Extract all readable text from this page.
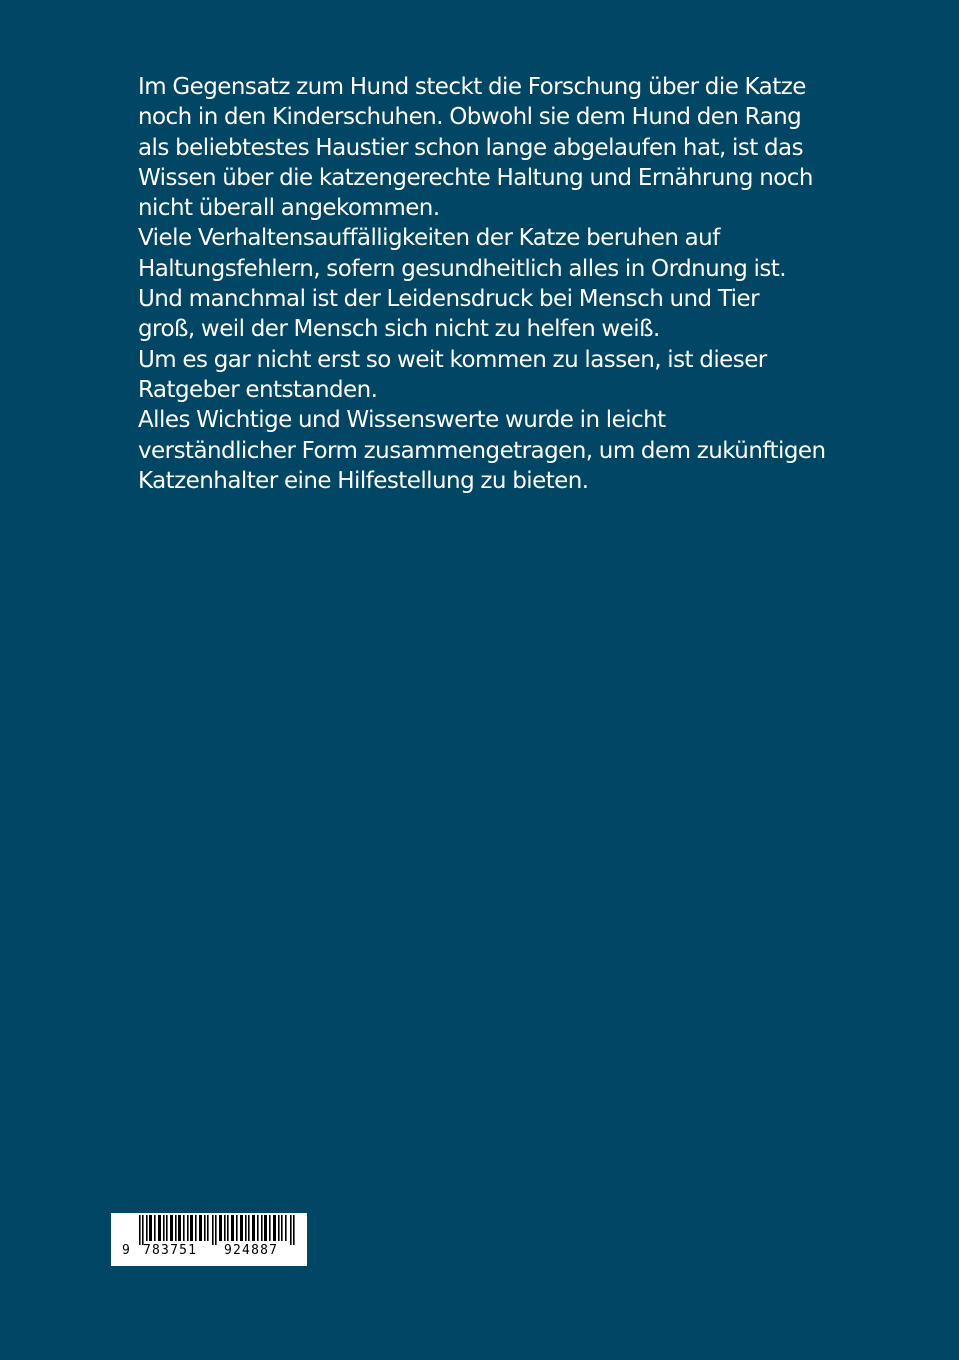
Im Gegensatz zum Hund steckt die Forschung über die Katze

noch in den Kinderschuhen. Obwohl sie dem Hund den Rang

als beliebtestes Haustier schon lange abgelaufen hat, ist das

Wissen über die katzengerechte Haltung und Ernährung noch

nicht überall angekommen.

Viele Verhaltensauffälligkeiten der Katze beruhen auf

Haltungsfehlern, sofern gesundheitlich alles in Ordnung ist.

Und manchmal ist der Leidensdruck bei Mensch und Tier

groß, weil der Mensch sich nicht zu helfen weiß.

Um es gar nicht erst so weit kommen zu lassen, ist dieser

Ratgeber entstanden.

Alles Wichtige und Wissenswerte wurde in leicht

verständlicher Form zusammengetragen, um dem zukünftigen

Katzenhalter eine Hilfestellung zu bieten.

9 783751 924887
